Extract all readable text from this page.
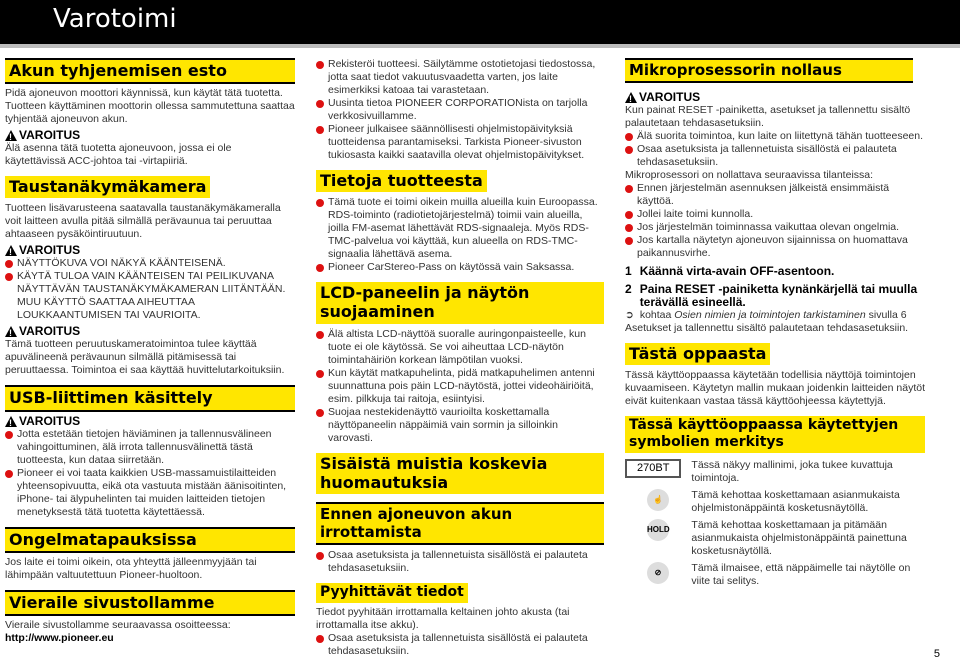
Varotoimi
Akun tyhjenemisen esto

Pidä ajoneuvon moottori käynnissä, kun käytät tätä tuotetta. Tuotteen käyttäminen moottorin ollessa sammutettuna saattaa tyhjentää ajoneuvon akun.

!
VAROITUS

Älä asenna tätä tuotetta ajoneuvoon, jossa ei ole käytettävissä ACC-johtoa tai -virtapiiriä.

Taustanäkymäkamera

Tuotteen lisävarusteena saatavalla taustanäkymäkameralla voit laitteen avulla pitää silmällä perävaunua tai peruuttaa ahtaaseen pysäköintiruutuun.

!
VAROITUS
NÄYTTÖKUVA VOI NÄKYÄ KÄÄNTEISENÄ.
KÄYTÄ TULOA VAIN KÄÄNTEISEN TAI PEILIKUVANA NÄYTTÄVÄN TAUSTANÄKYMÄKAMERAN LIITÄNTÄÄN. MUU KÄYTTÖ SAATTAA AIHEUTTAA LOUKKAANTUMISEN TAI VAURIOITA.
!
VAROITUS

Tämä tuotteen peruutuskameratoimintoa tulee käyttää apuvälineenä perävaunun silmällä pitämisessä tai peruuttaessa. Toimintoa ei saa käyttää huvittelutarkoituksiin.

USB-liittimen käsittely
!
VAROITUS
Jotta estetään tietojen häviäminen ja tallennusvälineen vahingoittuminen, älä irrota tallennusvälinettä tästä tuotteesta, kun dataa siirretään.
Pioneer ei voi taata kaikkien USB-massamuistilaitteiden yhteensopivuutta, eikä ota vastuuta mistään äänisoitinten, iPhone- tai älypuhelinten tai muiden laitteiden tietojen menetyksestä tätä tuotetta käytettäessä.
Ongelmatapauksissa

Jos laite ei toimi oikein, ota yhteyttä jälleenmyyjään tai lähimpään valtuutettuun Pioneer-huoltoon.

Vieraile sivustollamme

Vieraile sivustollamme seuraavassa osoitteessa:

http://www.pioneer.eu
Rekisteröi tuotteesi. Säilytämme ostotietojasi tiedostossa, jotta saat tiedot vakuutusvaadetta varten, jos laite esimerkiksi katoaa tai varastetaan.
Uusinta tietoa PIONEER CORPORATIONista on tarjolla verkkosivuillamme.
Pioneer julkaisee säännöllisesti ohjelmistopäivityksiä tuotteidensa parantamiseksi. Tarkista Pioneer-sivuston tukiosasta kaikki saatavilla olevat ohjelmistopäivitykset.
Tietoja tuotteesta
Tämä tuote ei toimi oikein muilla alueilla kuin Euroopassa. RDS-toiminto (radiotietojärjestelmä) toimii vain alueilla, joilla FM-asemat lähettävät RDS-signaaleja. Myös RDS-TMC-palvelua voi käyttää, kun alueella on RDS-TMC-signaalia lähettävä asema.
Pioneer CarStereo-Pass on käytössä vain Saksassa.
LCD-paneelin ja näytön suojaaminen
Älä altista LCD-näyttöä suoralle auringonpaisteelle, kun tuote ei ole käytössä. Se voi aiheuttaa LCD-näytön toimintahäiriön korkean lämpötilan vuoksi.
Kun käytät matkapuhelinta, pidä matkapuhelimen antenni suunnattuna pois päin LCD-näytöstä, jottei videohäiriöitä, esim. pilkkuja tai raitoja, esiintyisi.
Suojaa nestekidenäyttö vaurioilta koskettamalla näyttöpaneelin näppäimiä vain sormin ja silloinkin varovasti.
Sisäistä muistia koskevia huomautuksia
Ennen ajoneuvon akun irrottamista
Osaa asetuksista ja tallennetuista sisällöstä ei palauteta tehdasasetuksiin.
Pyyhittävät tiedot

Tiedot pyyhitään irrottamalla keltainen johto akusta (tai irrottamalla itse akku).

Osaa asetuksista ja tallennetuista sisällöstä ei palauteta tehdasasetuksiin.
Mikroprosessorin nollaus
!
VAROITUS

Kun painat RESET -painiketta, asetukset ja tallennettu sisältö palautetaan tehdasasetuksiin.

Älä suorita toimintoa, kun laite on liitettynä tähän tuotteeseen.
Osaa asetuksista ja tallennetuista sisällöstä ei palauteta tehdasasetuksiin.

Mikroprosessori on nollattava seuraavissa tilanteissa:

Ennen järjestelmän asennuksen jälkeistä ensimmäistä käyttöä.
Jollei laite toimi kunnolla.
Jos järjestelmän toiminnassa vaikuttaa olevan ongelmia.
Jos kartalla näytetyn ajoneuvon sijainnissa on huomattava paikannusvirhe.
1 Käännä virta-avain OFF-asentoon.
2 Paina RESET -painiketta kynänkärjellä tai muulla terävällä esineellä.
➲ kohtaa Osien nimien ja toimintojen tarkistaminen sivulla 6

Asetukset ja tallennettu sisältö palautetaan tehdasasetuksiin.

Tästä oppaasta

Tässä käyttöoppaassa käytetään todellisia näyttöjä toimintojen kuvaamiseen. Käytetyn mallin mukaan joidenkin laitteiden näytöt eivät kuitenkaan vastaa tässä käyttöohjeessa käytettyjä.

Tässä käyttöoppaassa käytettyjen symbolien merkitys
270BT	Tässä näkyy mallinimi, joka tukee kuvattuja toimintoja.
☝	Tämä kehottaa koskettamaan asianmukaista ohjelmistonäppäintä kosketusnäytöllä.
HOLD	Tämä kehottaa koskettamaan ja pitämään asianmukaista ohjelmistonäppäintä painettuna kosketusnäytöllä.
⊘	Tämä ilmaisee, että näppäimelle tai näytölle on viite tai selitys.
5
